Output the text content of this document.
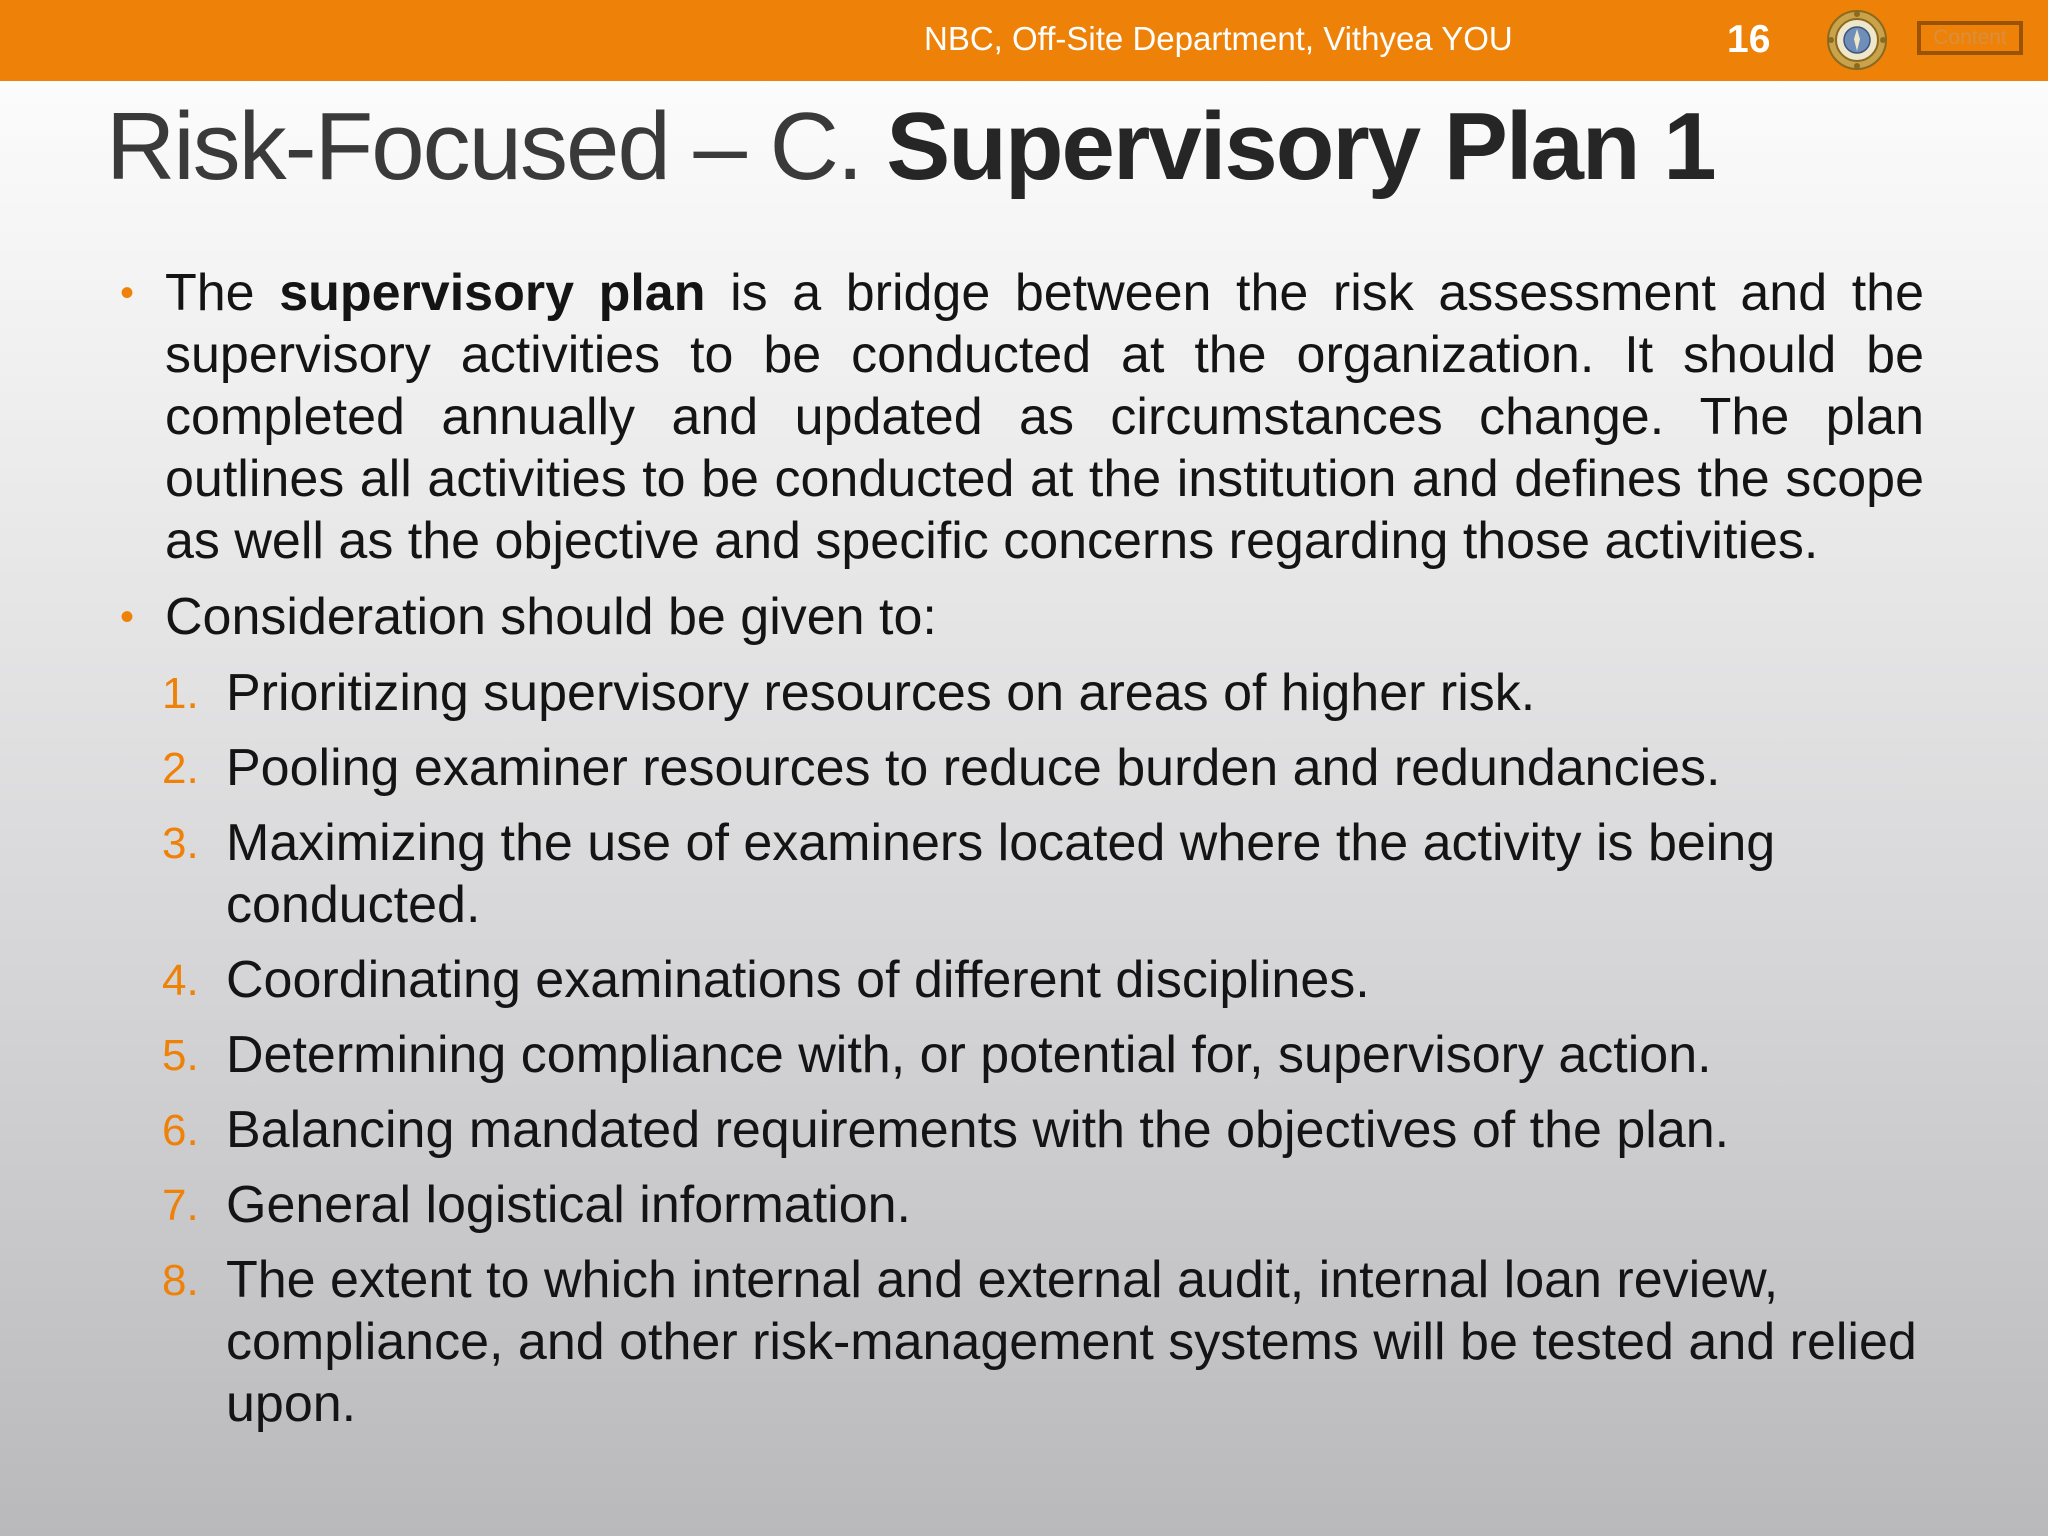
NBC, Off-Site Department, Vithyea YOU	16	Content
Risk-Focused – C. Supervisory Plan 1
• The supervisory plan is a bridge between the risk assessment and the supervisory activities to be conducted at the organization. It should be completed annually and updated as circumstances change. The plan outlines all activities to be conducted at the institution and defines the scope as well as the objective and specific concerns regarding those activities.
• Consideration should be given to:
1. Prioritizing supervisory resources on areas of higher risk.
2. Pooling examiner resources to reduce burden and redundancies.
3. Maximizing the use of examiners located where the activity is being conducted.
4. Coordinating examinations of different disciplines.
5. Determining compliance with, or potential for, supervisory action.
6. Balancing mandated requirements with the objectives of the plan.
7. General logistical information.
8. The extent to which internal and external audit, internal loan review, compliance, and other risk-management systems will be tested and relied upon.
